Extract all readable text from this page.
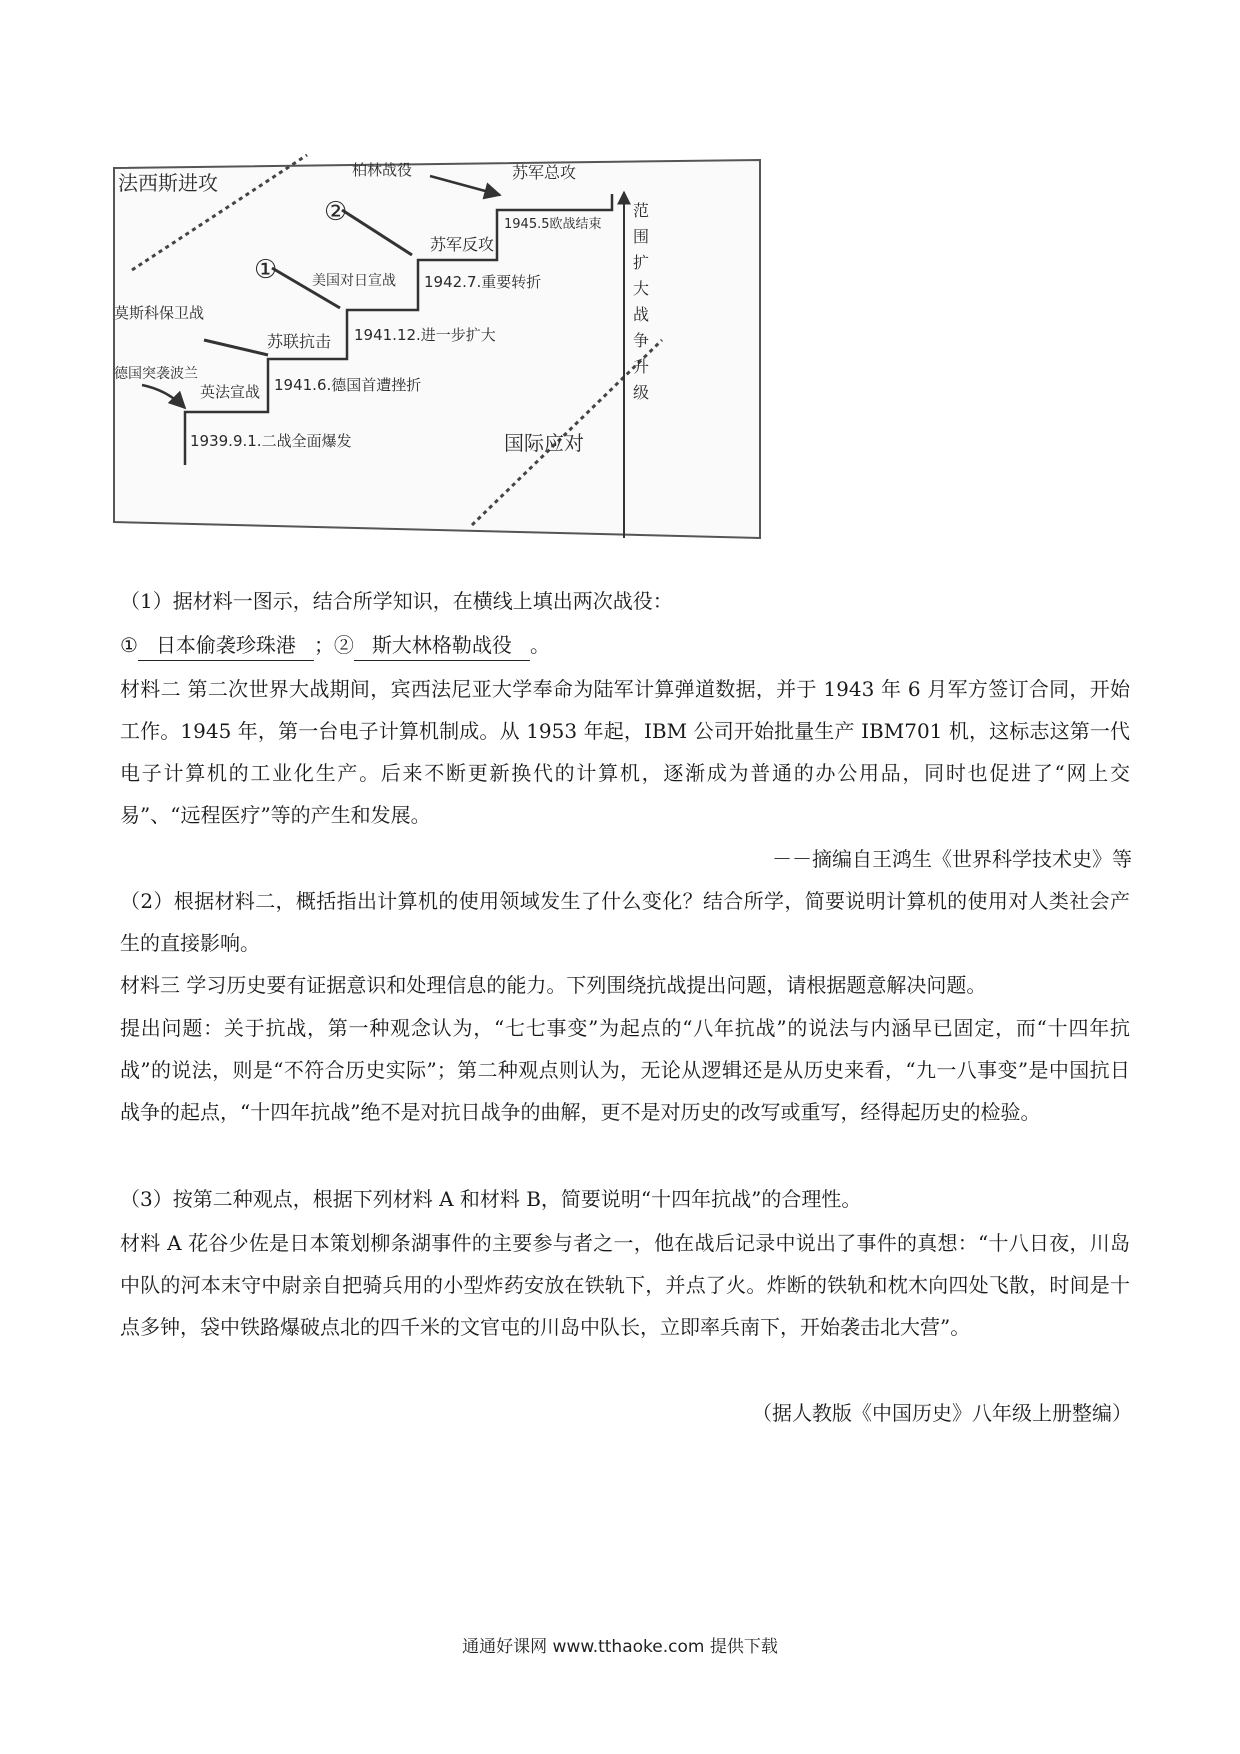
法西斯进攻
柏林战役	苏军总攻
1945.5欧战结束
苏军反攻
美国对日宣战 1942.7.重要转折
莫斯科保卫战
苏联抗击 1941.12.进一步扩大
德国突袭波兰
英法宣战 1941.6.德国首遭挫折
1939.9.1.二战全面爆发	国际应对
①
②	范围扩大战争升级

（1）据材料一图示，结合所学知识，在横线上填出两次战役：

① 日本偷袭珍珠港 ；② 斯大林格勒战役 。

材料二 第二次世界大战期间，宾西法尼亚大学奉命为陆军计算弹道数据，并于 1943 年 6 月军方签订合同，开始工作。1945 年，第一台电子计算机制成。从 1953 年起，IBM 公司开始批量生产 IBM701 机，这标志这第一代电子计算机的工业化生产。后来不断更新换代的计算机，逐渐成为普通的办公用品，同时也促进了“网上交易”、“远程医疗”等的产生和发展。

－－摘编自王鸿生《世界科学技术史》等

（2）根据材料二，概括指出计算机的使用领域发生了什么变化？结合所学，简要说明计算机的使用对人类社会产生的直接影响。

材料三 学习历史要有证据意识和处理信息的能力。下列围绕抗战提出问题，请根据题意解决问题。

提出问题：关于抗战，第一种观念认为，“七七事变”为起点的“八年抗战”的说法与内涵早已固定，而“十四年抗战”的说法，则是“不符合历史实际”；第二种观点则认为，无论从逻辑还是从历史来看，“九一八事变”是中国抗日战争的起点，“十四年抗战”绝不是对抗日战争的曲解，更不是对历史的改写或重写，经得起历史的检验。

（3）按第二种观点，根据下列材料 A 和材料 B，简要说明“十四年抗战”的合理性。

材料 A 花谷少佐是日本策划柳条湖事件的主要参与者之一，他在战后记录中说出了事件的真想：“十八日夜，川岛中队的河本末守中尉亲自把骑兵用的小型炸药安放在铁轨下，并点了火。炸断的铁轨和枕木向四处飞散，时间是十点多钟，袋中铁路爆破点北的四千米的文官屯的川岛中队长，立即率兵南下，开始袭击北大营”。

（据人教版《中国历史》八年级上册整编）

通通好课网 www.tthaoke.com 提供下载
